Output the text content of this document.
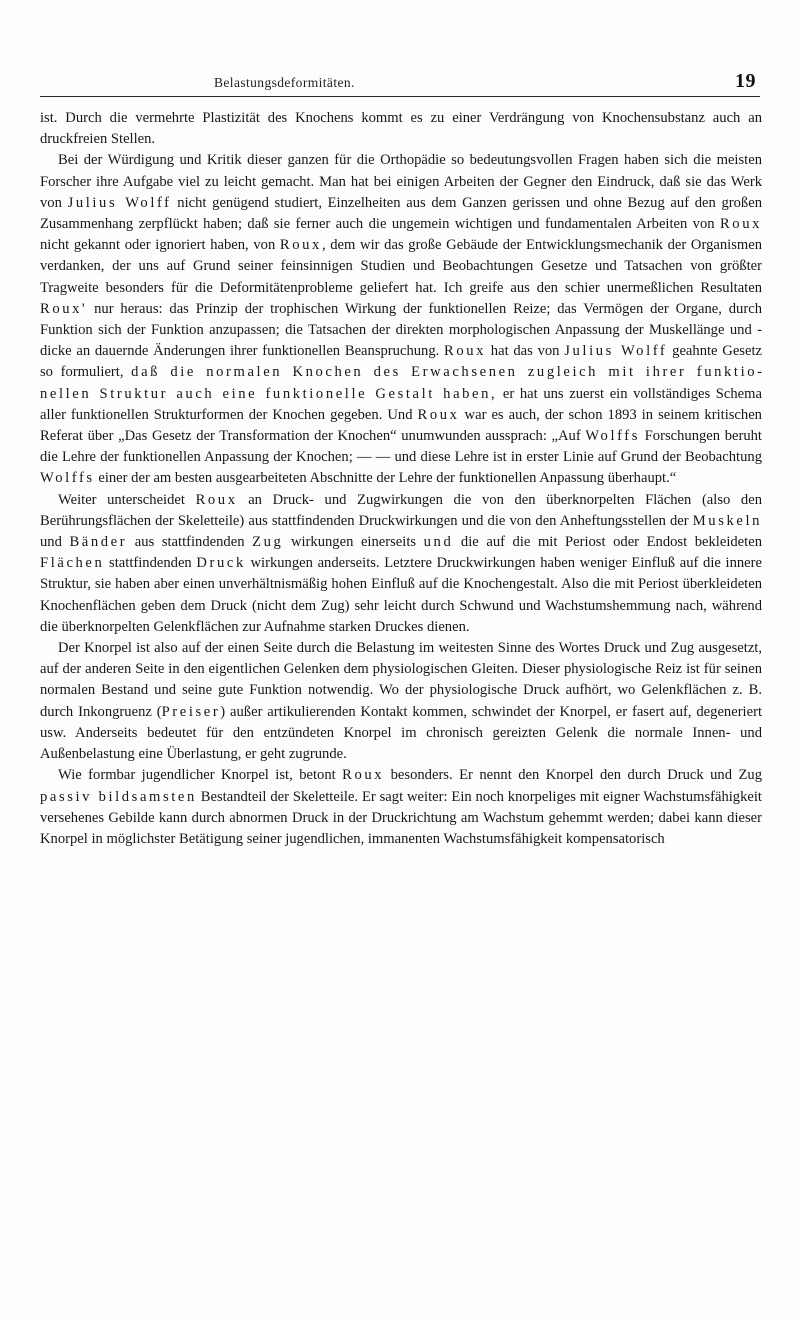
Belastungsdeformitäten.	19

ist. Durch die vermehrte Plastizität des Knochens kommt es zu einer Verdrängung von Knochensubstanz auch an druckfreien Stellen.

Bei der Würdigung und Kritik dieser ganzen für die Orthopädie so bedeutungsvollen Fragen haben sich die meisten Forscher ihre Aufgabe viel zu leicht gemacht. Man hat bei einigen Arbeiten der Gegner den Eindruck, daß sie das Werk von Julius Wolff nicht genügend studiert, Einzelheiten aus dem Ganzen gerissen und ohne Bezug auf den großen Zusammenhang zerpflückt haben; daß sie ferner auch die ungemein wichtigen und fundamentalen Arbeiten von Roux nicht gekannt oder ignoriert haben, von Roux, dem wir das große Gebäude der Entwicklungsmechanik der Organismen verdanken, der uns auf Grund seiner feinsinnigen Studien und Beobachtungen Gesetze und Tatsachen von größter Tragweite besonders für die Deformitätenprobleme geliefert hat. Ich greife aus den schier unermeßlichen Resultaten Roux' nur heraus: das Prinzip der trophischen Wirkung der funktionellen Reize; das Vermögen der Organe, durch Funktion sich der Funktion anzupassen; die Tatsachen der direkten morphologischen Anpassung der Muskellänge und -dicke an dauernde Änderungen ihrer funktionellen Beanspruchung. Roux hat das von Julius Wolff geahnte Gesetz so formuliert, daß die normalen Knochen des Erwachsenen zugleich mit ihrer funktionellen Struktur auch eine funktionelle Gestalt haben, er hat uns zuerst ein vollständiges Schema aller funktionellen Strukturformen der Knochen gegeben. Und Roux war es auch, der schon 1893 in seinem kritischen Referat über „Das Gesetz der Transformation der Knochen“ unumwunden aussprach: „Auf Wolffs Forschungen beruht die Lehre der funktionellen Anpassung der Knochen; — — und diese Lehre ist in erster Linie auf Grund der Beobachtung Wolffs einer der am besten ausgearbeiteten Abschnitte der Lehre der funktionellen Anpassung überhaupt.“

Weiter unterscheidet Roux an Druck- und Zugwirkungen die von den überknorpelten Flächen (also den Berührungsflächen der Skeletteile) aus stattfindenden Druckwirkungen und die von den Anheftungsstellen der Muskeln und Bänder aus stattfindenden Zug wirkungen einerseits und die auf die mit Periost oder Endost bekleideten Flächen stattfindenden Druck wirkungen anderseits. Letztere Druckwirkungen haben weniger Einfluß auf die innere Struktur, sie haben aber einen unverhältnismäßig hohen Einfluß auf die Knochengestalt. Also die mit Periost überkleideten Knochenflächen geben dem Druck (nicht dem Zug) sehr leicht durch Schwund und Wachstumshemmung nach, während die überknorpelten Gelenkflächen zur Aufnahme starken Druckes dienen.

Der Knorpel ist also auf der einen Seite durch die Belastung im weitesten Sinne des Wortes Druck und Zug ausgesetzt, auf der anderen Seite in den eigentlichen Gelenken dem physiologischen Gleiten. Dieser physiologische Reiz ist für seinen normalen Bestand und seine gute Funktion notwendig. Wo der physiologische Druck aufhört, wo Gelenkflächen z. B. durch Inkongruenz (Preiser) außer artikulierenden Kontakt kommen, schwindet der Knorpel, er fasert auf, degeneriert usw. Anderseits bedeutet für den entzündeten Knorpel im chronisch gereizten Gelenk die normale Innen- und Außenbelastung eine Überlastung, er geht zugrunde.

Wie formbar jugendlicher Knorpel ist, betont Roux besonders. Er nennt den Knorpel den durch Druck und Zug passiv bildsamsten Bestandteil der Skeletteile. Er sagt weiter: Ein noch knorpeliges mit eigner Wachstumsfähigkeit versehenes Gebilde kann durch abnormen Druck in der Druckrichtung am Wachstum gehemmt werden; dabei kann dieser Knorpel in möglichster Betätigung seiner jugendlichen, immanenten Wachstumsfähigkeit kompensatorisch
